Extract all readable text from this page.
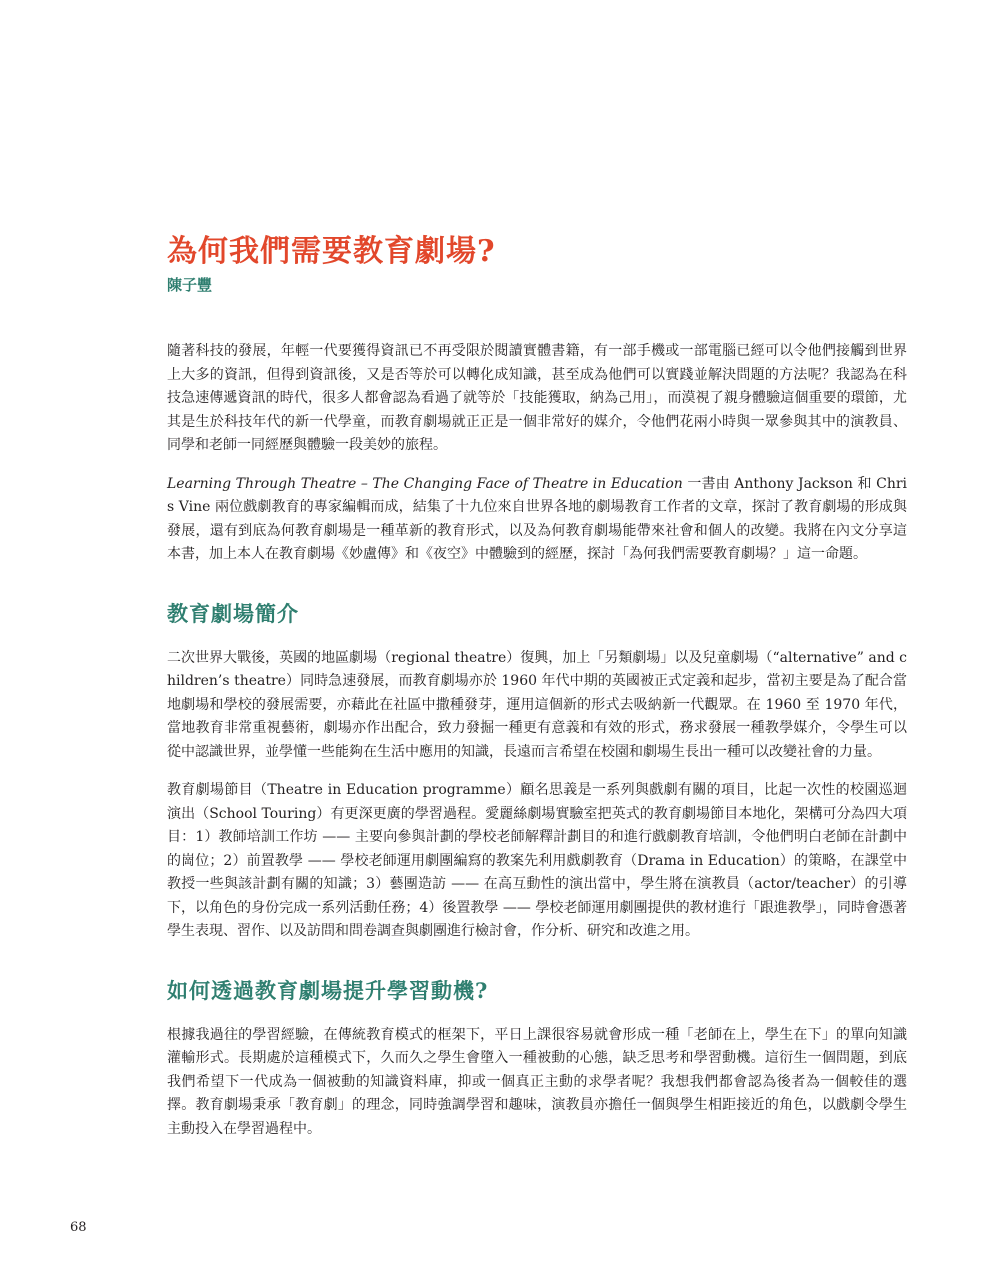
為何我們需要教育劇場?
陳子豐

隨著科技的發展，年輕一代要獲得資訊已不再受限於閱讀實體書籍，有一部手機或一部電腦已經可以令他們接觸到世界上大多的資訊，但得到資訊後，又是否等於可以轉化成知識，甚至成為他們可以實踐並解決問題的方法呢？我認為在科技急速傳遞資訊的時代，很多人都會認為看過了就等於「技能獲取，納為己用」，而漠視了親身體驗這個重要的環節，尤其是生於科技年代的新一代學童，而教育劇場就正正是一個非常好的媒介，令他們花兩小時與一眾參與其中的演教員、同學和老師一同經歷與體驗一段美妙的旅程。

Learning Through Theatre – The Changing Face of Theatre in Education 一書由 Anthony Jackson 和 Chris Vine 兩位戲劇教育的專家編輯而成，結集了十九位來自世界各地的劇場教育工作者的文章，探討了教育劇場的形成與發展，還有到底為何教育劇場是一種革新的教育形式，以及為何教育劇場能帶來社會和個人的改變。我將在內文分享這本書，加上本人在教育劇場《妙盧傳》和《夜空》中體驗到的經歷，探討「為何我們需要教育劇場？」這一命題。

教育劇場簡介

二次世界大戰後，英國的地區劇場（regional theatre）復興，加上「另類劇場」以及兒童劇場（“alternative” and children’s theatre）同時急速發展，而教育劇場亦於 1960 年代中期的英國被正式定義和起步，當初主要是為了配合當地劇場和學校的發展需要，亦藉此在社區中撒種發芽，運用這個新的形式去吸納新一代觀眾。在 1960 至 1970 年代，當地教育非常重視藝術，劇場亦作出配合，致力發掘一種更有意義和有效的形式，務求發展一種教學媒介，令學生可以從中認識世界，並學懂一些能夠在生活中應用的知識，長遠而言希望在校園和劇場生長出一種可以改變社會的力量。

教育劇場節目（Theatre in Education programme）顧名思義是一系列與戲劇有關的項目，比起一次性的校園巡迴演出（School Touring）有更深更廣的學習過程。愛麗絲劇場實驗室把英式的教育劇場節目本地化，架構可分為四大項目：1）教師培訓工作坊 —— 主要向參與計劃的學校老師解釋計劃目的和進行戲劇教育培訓，令他們明白老師在計劃中的崗位；2）前置教學 —— 學校老師運用劇團編寫的教案先利用戲劇教育（Drama in Education）的策略，在課堂中教授一些與該計劃有關的知識；3）藝團造訪 —— 在高互動性的演出當中，學生將在演教員（actor/teacher）的引導下，以角色的身份完成一系列活動任務；4）後置教學 —— 學校老師運用劇團提供的教材進行「跟進教學」，同時會憑著學生表現、習作、以及訪問和問卷調查與劇團進行檢討會，作分析、研究和改進之用。

如何透過教育劇場提升學習動機?

根據我過往的學習經驗，在傳統教育模式的框架下，平日上課很容易就會形成一種「老師在上，學生在下」的單向知識灌輸形式。長期處於這種模式下，久而久之學生會墮入一種被動的心態，缺乏思考和學習動機。這衍生一個問題，到底我們希望下一代成為一個被動的知識資料庫，抑或一個真正主動的求學者呢？我想我們都會認為後者為一個較佳的選擇。教育劇場秉承「教育劇」的理念，同時強調學習和趣味，演教員亦擔任一個與學生相距接近的角色，以戲劇令學生主動投入在學習過程中。

68
